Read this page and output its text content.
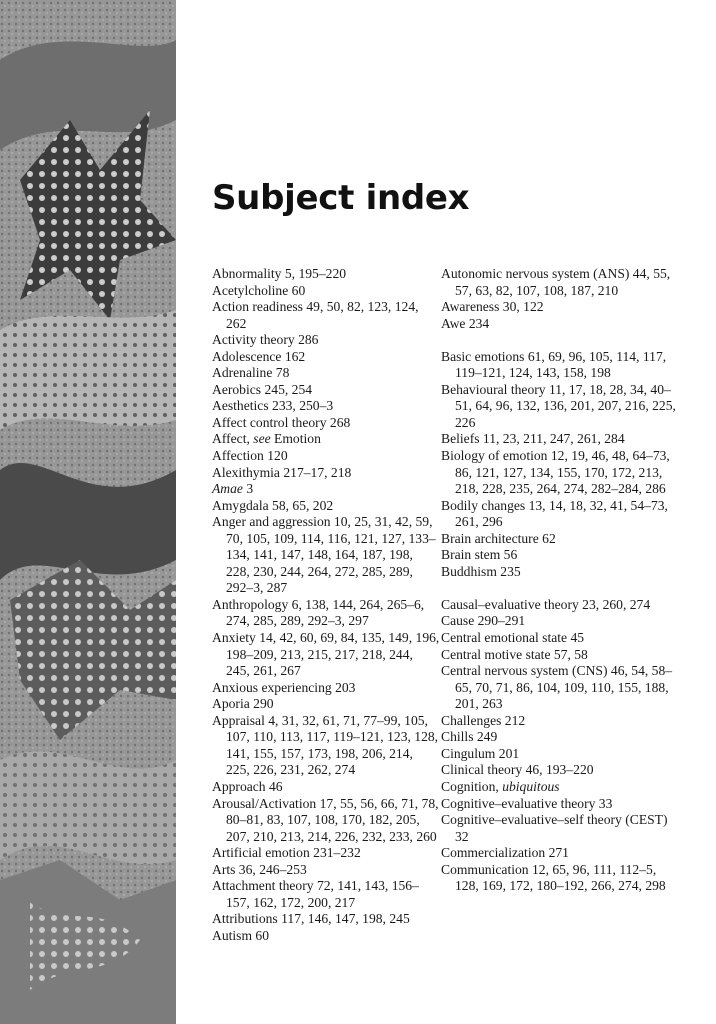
Subject index
Abnormality 5, 195–220
Acetylcholine 60
Action readiness 49, 50, 82, 123, 124, 262
Activity theory 286
Adolescence 162
Adrenaline 78
Aerobics 245, 254
Aesthetics 233, 250–3
Affect control theory 268
Affect, see Emotion
Affection 120
Alexithymia 217–17, 218
Amae 3
Amygdala 58, 65, 202
Anger and aggression 10, 25, 31, 42, 59, 70, 105, 109, 114, 116, 121, 127, 133–134, 141, 147, 148, 164, 187, 198, 228, 230, 244, 264, 272, 285, 289, 292–3, 287
Anthropology 6, 138, 144, 264, 265–6, 274, 285, 289, 292–3, 297
Anxiety 14, 42, 60, 69, 84, 135, 149, 196, 198–209, 213, 215, 217, 218, 244, 245, 261, 267
Anxious experiencing 203
Aporia 290
Appraisal 4, 31, 32, 61, 71, 77–99, 105, 107, 110, 113, 117, 119–121, 123, 128, 141, 155, 157, 173, 198, 206, 214, 225, 226, 231, 262, 274
Approach 46
Arousal/Activation 17, 55, 56, 66, 71, 78, 80–81, 83, 107, 108, 170, 182, 205, 207, 210, 213, 214, 226, 232, 233, 260
Artificial emotion 231–232
Arts 36, 246–253
Attachment theory 72, 141, 143, 156–157, 162, 172, 200, 217
Attributions 117, 146, 147, 198, 245
Autism 60
Autonomic nervous system (ANS) 44, 55, 57, 63, 82, 107, 108, 187, 210
Awareness 30, 122
Awe 234
Basic emotions 61, 69, 96, 105, 114, 117, 119–121, 124, 143, 158, 198
Behavioural theory 11, 17, 18, 28, 34, 40–51, 64, 96, 132, 136, 201, 207, 216, 225, 226
Beliefs 11, 23, 211, 247, 261, 284
Biology of emotion 12, 19, 46, 48, 64–73, 86, 121, 127, 134, 155, 170, 172, 213, 218, 228, 235, 264, 274, 282–284, 286
Bodily changes 13, 14, 18, 32, 41, 54–73, 261, 296
Brain architecture 62
Brain stem 56
Buddhism 235
Causal–evaluative theory 23, 260, 274
Cause 290–291
Central emotional state 45
Central motive state 57, 58
Central nervous system (CNS) 46, 54, 58–65, 70, 71, 86, 104, 109, 110, 155, 188, 201, 263
Challenges 212
Chills 249
Cingulum 201
Clinical theory 46, 193–220
Cognition, ubiquitous
Cognitive–evaluative theory 33
Cognitive–evaluative–self theory (CEST) 32
Commercialization 271
Communication 12, 65, 96, 111, 112–5, 128, 169, 172, 180–192, 266, 274, 298
